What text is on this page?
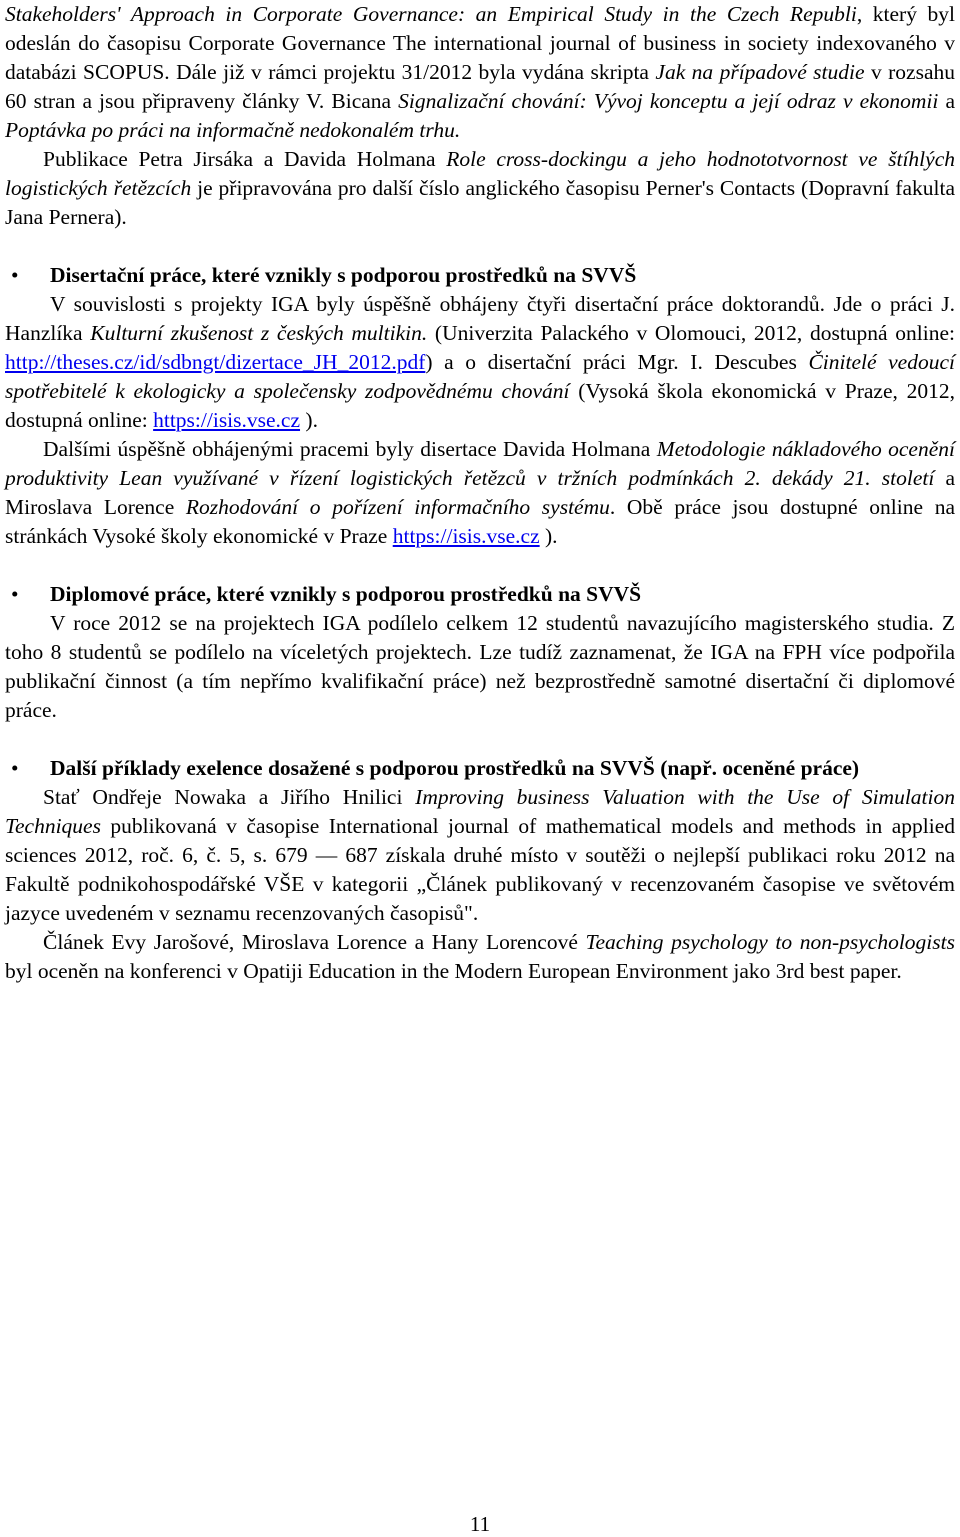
Stakeholders' Approach in Corporate Governance: an Empirical Study in the Czech Republi, který byl odeslán do časopisu Corporate Governance The international journal of business in society indexovaného v databázi SCOPUS. Dále již v rámci projektu 31/2012 byla vydána skripta Jak na případové studie v rozsahu 60 stran a jsou připraveny články V. Bicana Signalizační chování: Vývoj konceptu a její odraz v ekonomii a Poptávka po práci na informačně nedokonalém trhu.

Publikace Petra Jirsáka a Davida Holmana Role cross-dockingu a jeho hodnototvornost ve štíhlých logistických řetězcích je připravována pro další číslo anglického časopisu Perner's Contacts (Dopravní fakulta Jana Pernera).

• Disertační práce, které vznikly s podporou prostředků na SVVŠ

V souvislosti s projekty IGA byly úspěšně obhájeny čtyři disertační práce doktorandů. Jde o práci J. Hanzlíka Kulturní zkušenost z českých multikin. (Univerzita Palackého v Olomouci, 2012, dostupná online: http://theses.cz/id/sdbngt/dizertace_JH_2012.pdf) a o disertační práci Mgr. I. Descubes Činitelé vedoucí spotřebitelé k ekologicky a společensky zodpovědnému chování (Vysoká škola ekonomická v Praze, 2012, dostupná online: https://isis.vse.cz ).

Dalšími úspěšně obhájenými pracemi byly disertace Davida Holmana Metodologie nákladového ocenění produktivity Lean využívané v řízení logistických řetězců v tržních podmínkách 2. dekády 21. století a Miroslava Lorence Rozhodování o pořízení informačního systému. Obě práce jsou dostupné online na stránkách Vysoké školy ekonomické v Praze https://isis.vse.cz ).

• Diplomové práce, které vznikly s podporou prostředků na SVVŠ

V roce 2012 se na projektech IGA podílelo celkem 12 studentů navazujícího magisterského studia. Z toho 8 studentů se podílelo na víceletých projektech. Lze tudíž zaznamenat, že IGA na FPH více podpořila publikační činnost (a tím nepřímo kvalifikační práce) než bezprostředně samotné disertační či diplomové práce.

• Další příklady exelence dosažené s podporou prostředků na SVVŠ (např. oceněné práce)

Stať Ondřeje Nowaka a Jiřího Hnilici Improving business Valuation with the Use of Simulation Techniques publikovaná v časopise International journal of mathematical models and methods in applied sciences 2012, roč. 6, č. 5, s. 679 — 687 získala druhé místo v soutěži o nejlepší publikaci roku 2012 na Fakultě podnikohospodářské VŠE v kategorii „Článek publikovaný v recenzovaném časopise ve světovém jazyce uvedeném v seznamu recenzovaných časopisů".

Článek Evy Jarošové, Miroslava Lorence a Hany Lorencové Teaching psychology to non-psychologists byl oceněn na konferenci v Opatiji Education in the Modern European Environment jako 3rd best paper.

11
